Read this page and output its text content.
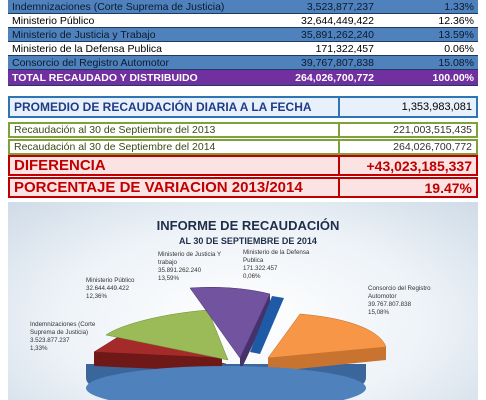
Indemnizaciones (Corte Suprema de Justicia)	3,523,877,237	1.33%
Ministerio Público	32,644,449,422	12.36%
Ministerio de Justicia y Trabajo	35,891,262,240	13.59%
Ministerio de la Defensa Publica	171,322,457	0.06%
Consorcio del Registro Automotor	39,767,807,838	15.08%
TOTAL RECAUDADO Y DISTRIBUIDO	264,026,700,772	100.00%
PROMEDIO DE RECAUDACIÓN DIARIA A LA FECHA	1,353,983,081
Recaudación al 30 de Septiembre del 2013	221,003,515,435
Recaudación al 30 de Septiembre del 2014	264,026,700,772
DIFERENCIA	+43,023,185,337
PORCENTAJE DE VARIACION 2013/2014	19.47%
INFORME DE RECAUDACIÓN
AL 30 DE SEPTIEMBRE DE 2014
Indemnizaciones (Corte Suprema de Justicia) 3.523.877.237 1,33%
Ministerio Público 32.644.449.422 12,36%
Ministerio de Justicia Y trabajo 35.891.262.240 13,59%
Ministerio de la Defensa Publica 171.322.457 0,06%
Consorcio del Registro Automotor 39.767.807.838 15,08%
